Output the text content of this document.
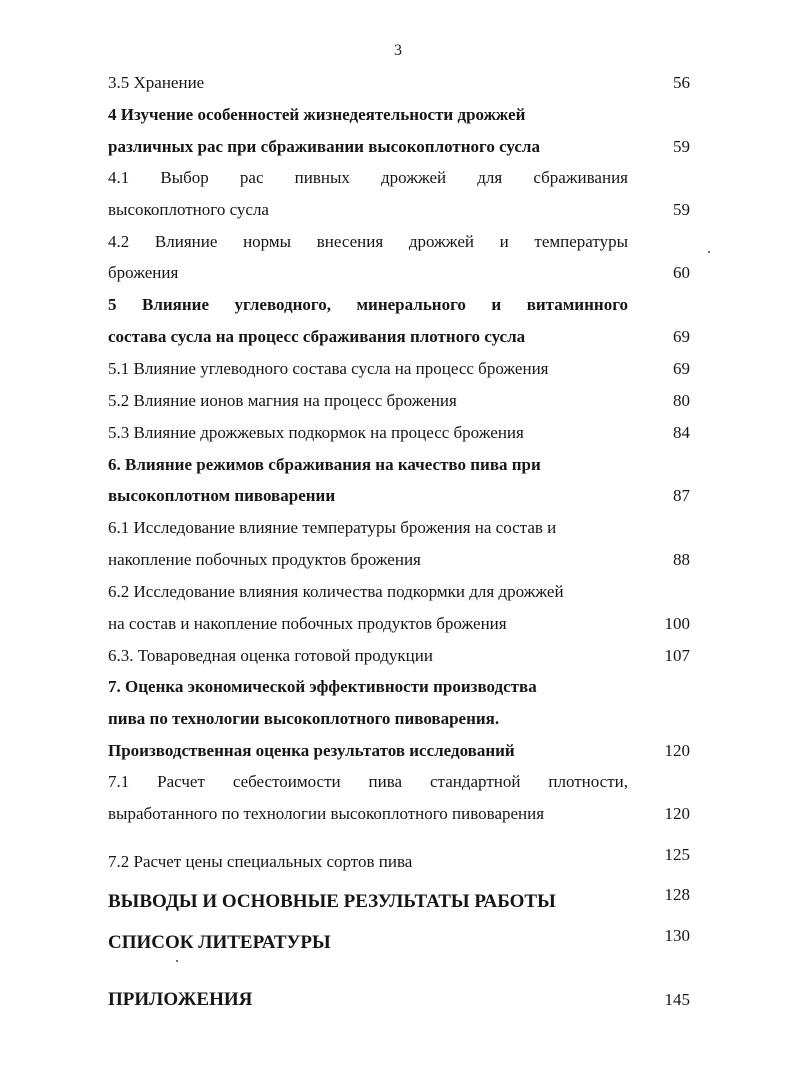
3
3.5 Хранение	56
4 Изучение особенностей жизнедеятельности дрожжей
различных рас при сбраживании высокоплотного сусла	59
4.1 Выбор рас пивных дрожжей для сбраживания
высокоплотного сусла	59
4.2 Влияние нормы внесения дрожжей и температуры
брожения	60
5 Влияние углеводного, минерального и витаминного
состава сусла на процесс сбраживания плотного сусла	69
5.1 Влияние углеводного состава сусла на процесс брожения	69
5.2 Влияние ионов магния на процесс брожения	80
5.3 Влияние дрожжевых подкормок на процесс брожения	84
6. Влияние режимов сбраживания на качество пива при
высокоплотном пивоварении	87
6.1 Исследование влияние температуры брожения на состав и
накопление побочных продуктов брожения	88
6.2 Исследование влияния количества подкормки для дрожжей
на состав и накопление побочных продуктов брожения	100
6.3. Товароведная оценка готовой продукции	107
7. Оценка экономической эффективности производства
пива по технологии высокоплотного пивоварения.
Производственная оценка результатов исследований	120
7.1 Расчет себестоимости пива стандартной плотности,
выработанного по технологии высокоплотного пивоварения	120
7.2 Расчет цены специальных сортов пива	125
ВЫВОДЫ И ОСНОВНЫЕ РЕЗУЛЬТАТЫ РАБОТЫ	128
СПИСОК ЛИТЕРАТУРЫ	130
ПРИЛОЖЕНИЯ	145
